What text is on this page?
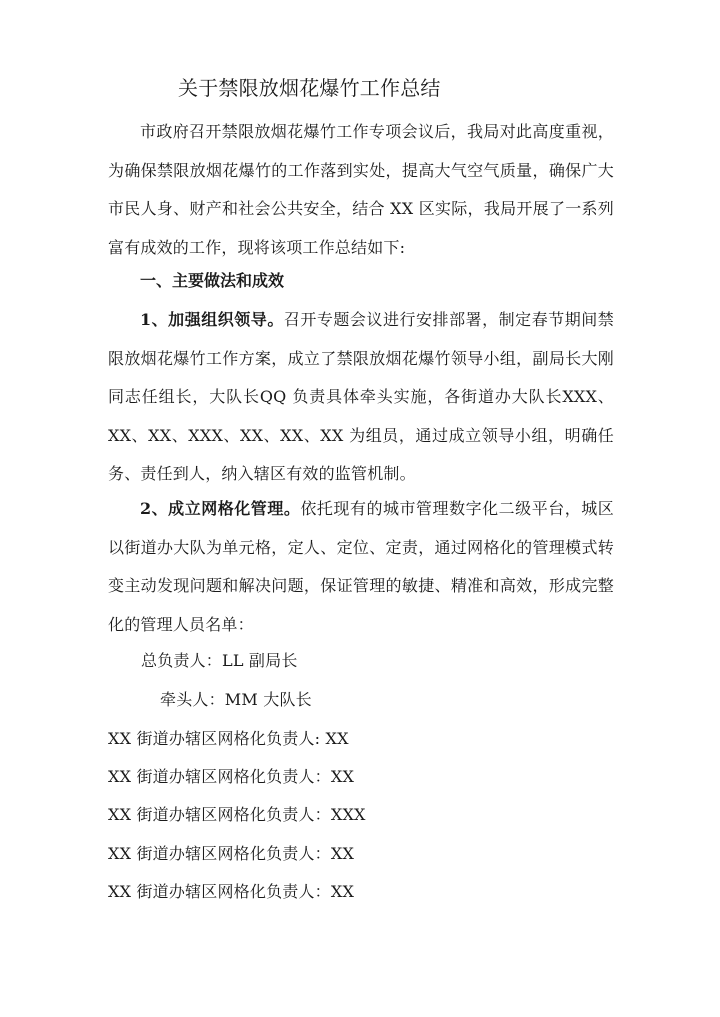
关于禁限放烟花爆竹工作总结
市政府召开禁限放烟花爆竹工作专项会议后，我局对此高度重视，为确保禁限放烟花爆竹的工作落到实处，提高大气空气质量，确保广大市民人身、财产和社会公共安全，结合 XX 区实际，我局开展了一系列富有成效的工作，现将该项工作总结如下:
一、主要做法和成效
1、加强组织领导。召开专题会议进行安排部署，制定春节期间禁限放烟花爆竹工作方案，成立了禁限放烟花爆竹领导小组，副局长大刚同志任组长，大队长QQ 负责具体牵头实施，各街道办大队长XXX、XX、XX、XXX、XX、XX、XX 为组员，通过成立领导小组，明确任务、责任到人，纳入辖区有效的监管机制。
2、成立网格化管理。依托现有的城市管理数字化二级平台，城区以街道办大队为单元格，定人、定位、定责，通过网格化的管理模式转变主动发现问题和解决问题，保证管理的敏捷、精准和高效，形成完整化的管理人员名单：
总负责人：LL 副局长
牵头人：MM 大队长
XX 街道办辖区网格化负责人: XX
XX 街道办辖区网格化负责人：XX
XX 街道办辖区网格化负责人：XXX
XX 街道办辖区网格化负责人：XX
XX 街道办辖区网格化负责人：XX
